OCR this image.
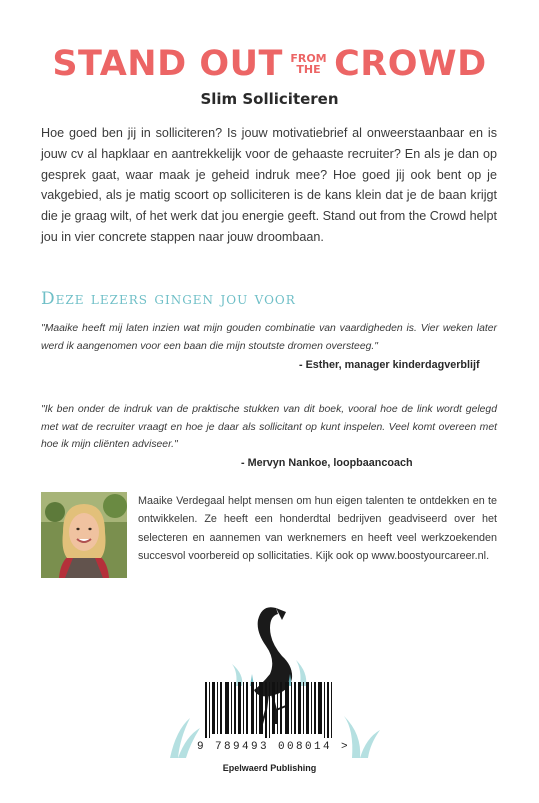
STAND OUT FROM
THE CROWD
Slim Solliciteren
Hoe goed ben jij in solliciteren? Is jouw motivatiebrief al onweerstaanbaar en is jouw cv al hapklaar en aantrekkelijk voor de gehaaste recruiter? En als je dan op gesprek gaat, waar maak je geheid indruk mee? Hoe goed jij ook bent op je vakgebied, als je matig scoort op solliciteren is de kans klein dat je de baan krijgt die je graag wilt, of het werk dat jou energie geeft. Stand out from the Crowd helpt jou in vier concrete stappen naar jouw droombaan.
Deze lezers gingen jou voor
"Maaike heeft mij laten inzien wat mijn gouden combinatie van vaardigheden is. Vier weken later werd ik aangenomen voor een baan die mijn stoutste dromen oversteeg."
- Esther, manager kinderdagverblijf
"Ik ben onder de indruk van de praktische stukken van dit boek, vooral hoe de link wordt gelegd met wat de recruiter vraagt en hoe je daar als sollicitant op kunt inspelen. Veel komt overeen met hoe ik mijn cliënten adviseer."
- Mervyn Nankoe, loopbaancoach
Maaike Verdegaal helpt mensen om hun eigen talenten te ontdekken en te ontwikkelen. Ze heeft een honderdtal bedrijven geadviseerd over het selecteren en aannemen van werknemers en heeft veel werkzoekenden succesvol voorbereid op sollicitaties. Kijk ook op www.boostyourcareer.nl.
9 789493 008014 >
Epelwaerd Publishing
